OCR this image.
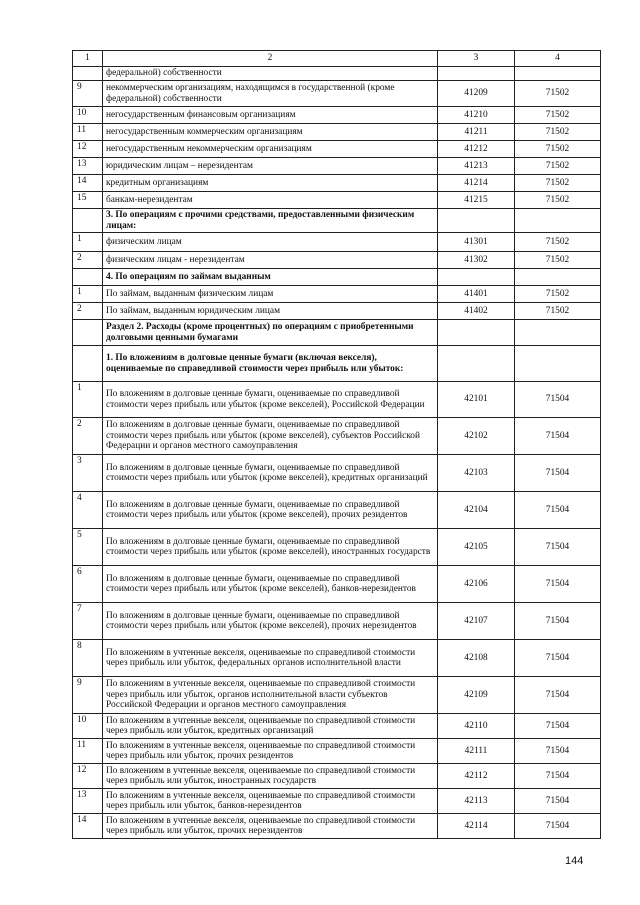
1	2	3	4
	федеральной) собственности		
9	некоммерческим организациям, находящимся в государственной (кроме федеральной) собственности	41209	71502
10	негосударственным финансовым организациям	41210	71502
11	негосударственным коммерческим организациям	41211	71502
12	негосударственным некоммерческим организациям	41212	71502
13	юридическим лицам – нерезидентам	41213	71502
14	кредитным организациям	41214	71502
15	банкам-нерезидентам	41215	71502
	3. По операциям с прочими средствами, предоставленными физическим лицам:		
1	физическим лицам	41301	71502
2	физическим лицам - нерезидентам	41302	71502
	4. По операциям по займам выданным		
1	По займам, выданным физическим лицам	41401	71502
2	По займам, выданным юридическим лицам	41402	71502
	Раздел 2. Расходы (кроме процентных) по операциям с приобретенными долговыми ценными бумагами		
	1. По вложениям в долговые ценные бумаги (включая векселя), оцениваемые по справедливой стоимости через прибыль или убыток:		
1	По вложениям в долговые ценные бумаги, оцениваемые по справедливой стоимости через прибыль или убыток (кроме векселей), Российской Федерации	42101	71504
2	По вложениям в долговые ценные бумаги, оцениваемые по справедливой стоимости через прибыль или убыток (кроме векселей), субъектов Российской Федерации и органов местного самоуправления	42102	71504
3	По вложениям в долговые ценные бумаги, оцениваемые по справедливой стоимости через прибыль или убыток (кроме векселей), кредитных организаций	42103	71504
4	По вложениям в долговые ценные бумаги, оцениваемые по справедливой стоимости через прибыль или убыток (кроме векселей), прочих резидентов	42104	71504
5	По вложениям в долговые ценные бумаги, оцениваемые по справедливой стоимости через прибыль или убыток (кроме векселей), иностранных государств	42105	71504
6	По вложениям в долговые ценные бумаги, оцениваемые по справедливой стоимости через прибыль или убыток (кроме векселей), банков-нерезидентов	42106	71504
7	По вложениям в долговые ценные бумаги, оцениваемые по справедливой стоимости через прибыль или убыток (кроме векселей), прочих нерезидентов	42107	71504
8	По вложениям в учтенные векселя, оцениваемые по справедливой стоимости через прибыль или убыток, федеральных органов исполнительной власти	42108	71504
9	По вложениям в учтенные векселя, оцениваемые по справедливой стоимости через прибыль или убыток, органов исполнительной власти субъектов Российской Федерации и органов местного самоуправления	42109	71504
10	По вложениям в учтенные векселя, оцениваемые по справедливой стоимости через прибыль или убыток, кредитных организаций	42110	71504
11	По вложениям в учтенные векселя, оцениваемые по справедливой стоимости через прибыль или убыток, прочих резидентов	42111	71504
12	По вложениям в учтенные векселя, оцениваемые по справедливой стоимости через прибыль или убыток, иностранных государств	42112	71504
13	По вложениям в учтенные векселя, оцениваемые по справедливой стоимости через прибыль или убыток, банков-нерезидентов	42113	71504
14	По вложениям в учтенные векселя, оцениваемые по справедливой стоимости через прибыль или убыток, прочих нерезидентов	42114	71504
144
